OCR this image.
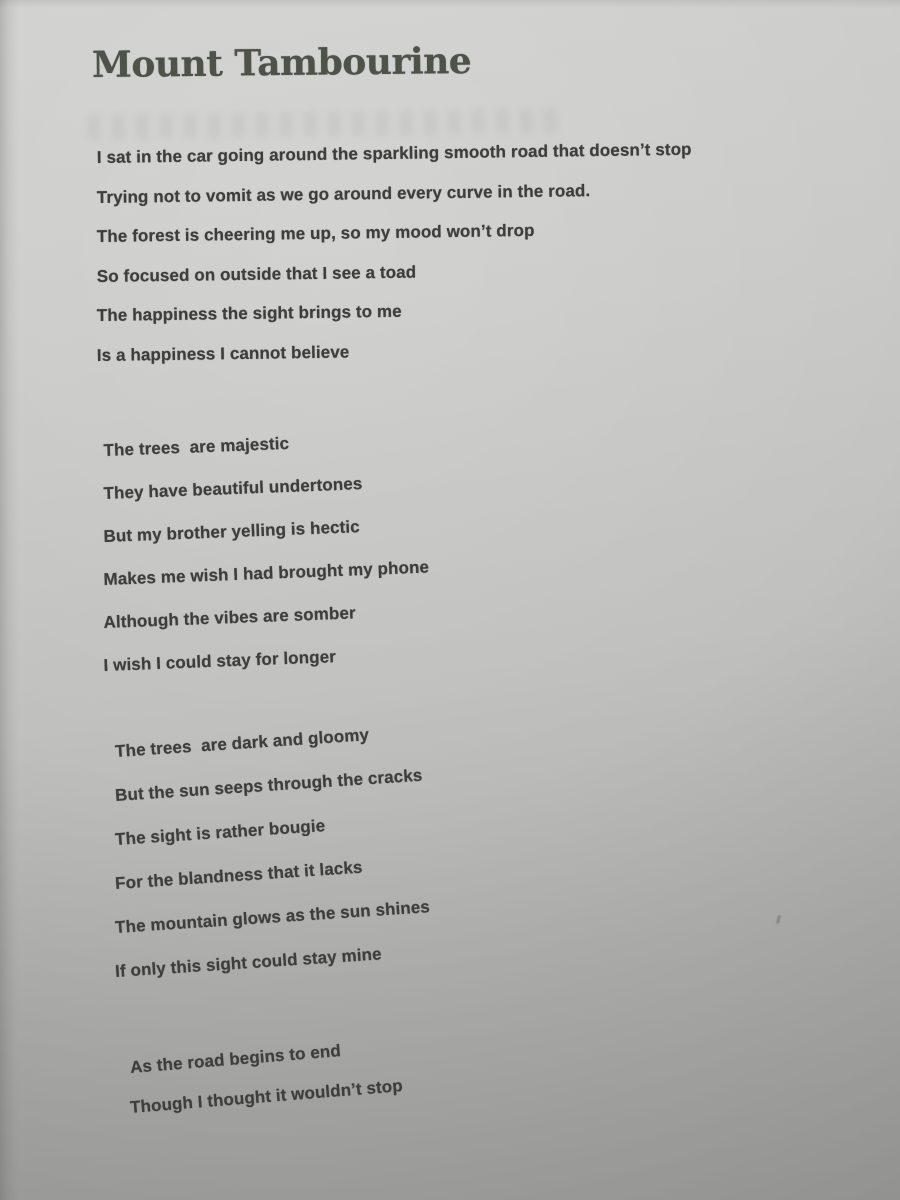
Mount Tambourine
I sat in the car going around the sparkling smooth road that doesn’t stop
Trying not to vomit as we go around every curve in the road.
The forest is cheering me up, so my mood won’t drop
So focused on outside that I see a toad
The happiness the sight brings to me
Is a happiness I cannot believe
The trees  are majestic
They have beautiful undertones
But my brother yelling is hectic
Makes me wish I had brought my phone
Although the vibes are somber
I wish I could stay for longer
The trees  are dark and gloomy
But the sun seeps through the cracks
The sight is rather bougie
For the blandness that it lacks
The mountain glows as the sun shines
If only this sight could stay mine
As the road begins to end
Though I thought it wouldn’t stop
